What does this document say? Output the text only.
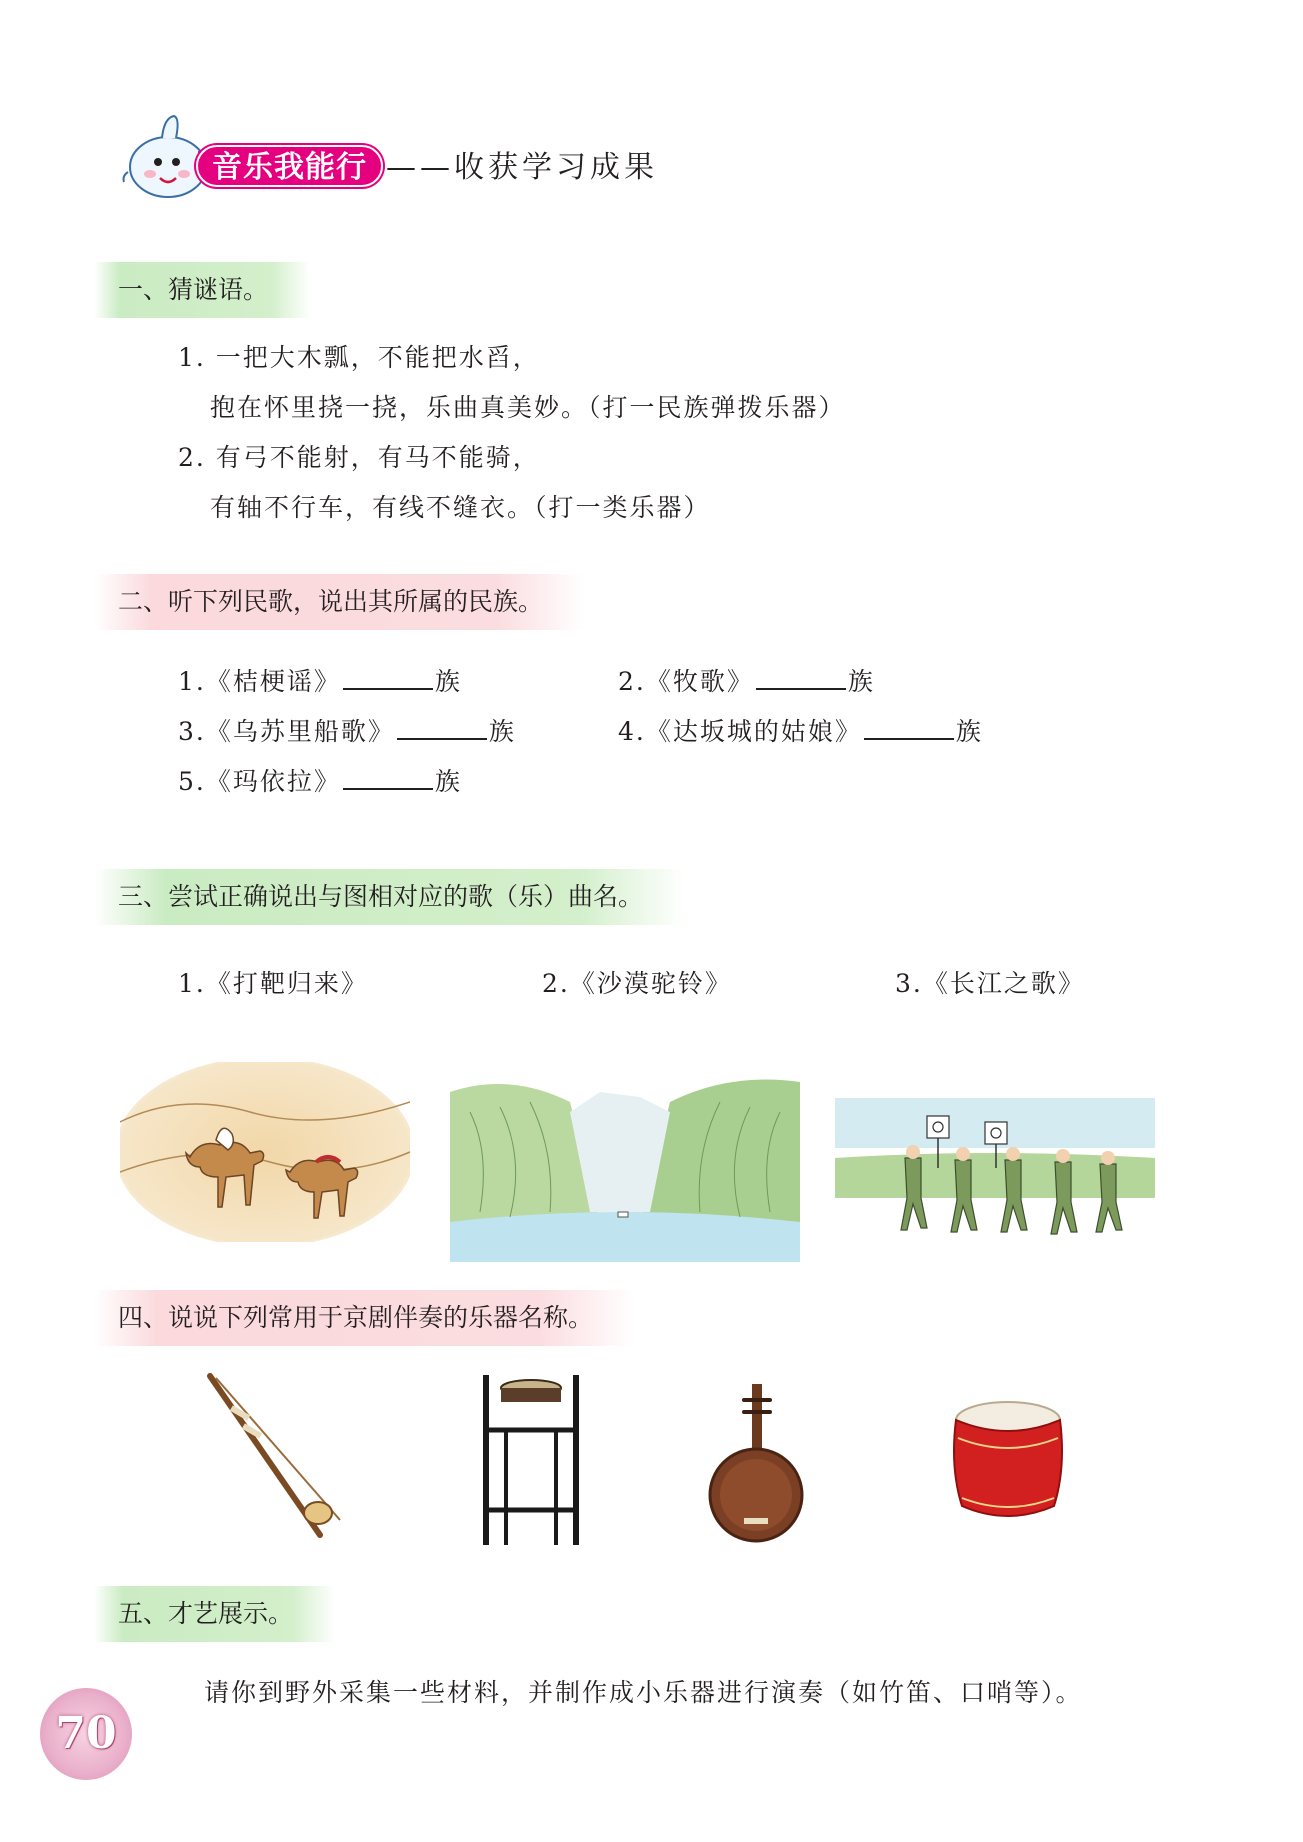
音乐我能行 ——收获学习成果
一、猜谜语。
1. 一把大木瓢，不能把水舀，
抱在怀里挠一挠，乐曲真美妙。（打一民族弹拨乐器）
2. 有弓不能射，有马不能骑，
有轴不行车，有线不缝衣。（打一类乐器）
二、听下列民歌，说出其所属的民族。
1.《桔梗谣》	族	2.《牧歌》	族
3.《乌苏里船歌》	族	4.《达坂城的姑娘》	族
5.《玛依拉》	族
三、尝试正确说出与图相对应的歌（乐）曲名。
1.《打靶归来》	2.《沙漠驼铃》	3.《长江之歌》
四、说说下列常用于京剧伴奏的乐器名称。
五、才艺展示。
请你到野外采集一些材料，并制作成小乐器进行演奏（如竹笛、口哨等）。
70
